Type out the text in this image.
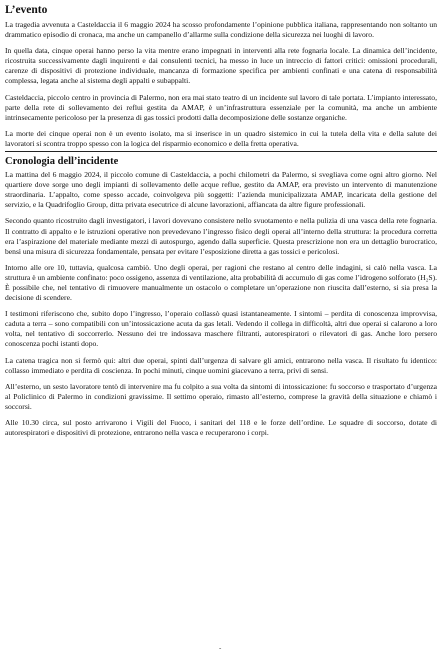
L’evento

La tragedia avvenuta a Casteldaccia il 6 maggio 2024 ha scosso profondamente l’opinione pubblica italiana, rappresentando non soltanto un drammatico episodio di cronaca, ma anche un campanello d’allarme sulla condizione della sicurezza nei luoghi di lavoro.

In quella data, cinque operai hanno perso la vita mentre erano impegnati in interventi alla rete fognaria locale. La dinamica dell’incidente, ricostruita successivamente dagli inquirenti e dai consulenti tecnici, ha messo in luce un intreccio di fattori critici: omissioni procedurali, carenze di dispositivi di protezione individuale, mancanza di formazione specifica per ambienti confinati e una catena di responsabilità complessa, legata anche al sistema degli appalti e subappalti.

Casteldaccia, piccolo centro in provincia di Palermo, non era mai stato teatro di un incidente sul lavoro di tale portata. L’impianto interessato, parte della rete di sollevamento dei reflui gestita da AMAP, è un’infrastruttura essenziale per la comunità, ma anche un ambiente intrinsecamente pericoloso per la presenza di gas tossici prodotti dalla decomposizione delle sostanze organiche.

La morte dei cinque operai non è un evento isolato, ma si inserisce in un quadro sistemico in cui la tutela della vita e della salute dei lavoratori si scontra troppo spesso con la logica del risparmio economico e della fretta operativa.

Cronologia dell’incidente

La mattina del 6 maggio 2024, il piccolo comune di Casteldaccia, a pochi chilometri da Palermo, si svegliava come ogni altro giorno. Nel quartiere dove sorge uno degli impianti di sollevamento delle acque reflue, gestito da AMAP, era previsto un intervento di manutenzione straordinaria. L’appalto, come spesso accade, coinvolgeva più soggetti: l’azienda municipalizzata AMAP, incaricata della gestione del servizio, e la Quadrifoglio Group, ditta privata esecutrice di alcune lavorazioni, affiancata da altre figure professionali.

Secondo quanto ricostruito dagli investigatori, i lavori dovevano consistere nello svuotamento e nella pulizia di una vasca della rete fognaria. Il contratto di appalto e le istruzioni operative non prevedevano l’ingresso fisico degli operai all’interno della struttura: la procedura corretta era l’aspirazione del materiale mediante mezzi di autospurgo, agendo dalla superficie. Questa prescrizione non era un dettaglio burocratico, bensì una misura di sicurezza fondamentale, pensata per evitare l’esposizione diretta a gas tossici e pericolosi.

Intorno alle ore 10, tuttavia, qualcosa cambiò. Uno degli operai, per ragioni che restano al centro delle indagini, si calò nella vasca. La struttura è un ambiente confinato: poco ossigeno, assenza di ventilazione, alta probabilità di accumulo di gas come l’idrogeno solforato (H₂S). È possibile che, nel tentativo di rimuovere manualmente un ostacolo o completare un’operazione non riuscita dall’esterno, si sia presa la decisione di scendere.

I testimoni riferiscono che, subito dopo l’ingresso, l’operaio collassò quasi istantaneamente. I sintomi – perdita di conoscenza improvvisa, caduta a terra – sono compatibili con un’intossicazione acuta da gas letali. Vedendo il collega in difficoltà, altri due operai si calarono a loro volta, nel tentativo di soccorrerlo. Nessuno dei tre indossava maschere filtranti, autorespiratori o rilevatori di gas. Anche loro persero conoscenza pochi istanti dopo.

La catena tragica non si fermò qui: altri due operai, spinti dall’urgenza di salvare gli amici, entrarono nella vasca. Il risultato fu identico: collasso immediato e perdita di coscienza. In pochi minuti, cinque uomini giacevano a terra, privi di sensi.

All’esterno, un sesto lavoratore tentò di intervenire ma fu colpito a sua volta da sintomi di intossicazione: fu soccorso e trasportato d’urgenza al Policlinico di Palermo in condizioni gravissime. Il settimo operaio, rimasto all’esterno, comprese la gravità della situazione e chiamò i soccorsi.

Alle 10.30 circa, sul posto arrivarono i Vigili del Fuoco, i sanitari del 118 e le forze dell’ordine. Le squadre di soccorso, dotate di autorespiratori e dispositivi di protezione, entrarono nella vasca e recuperarono i corpi.

-
